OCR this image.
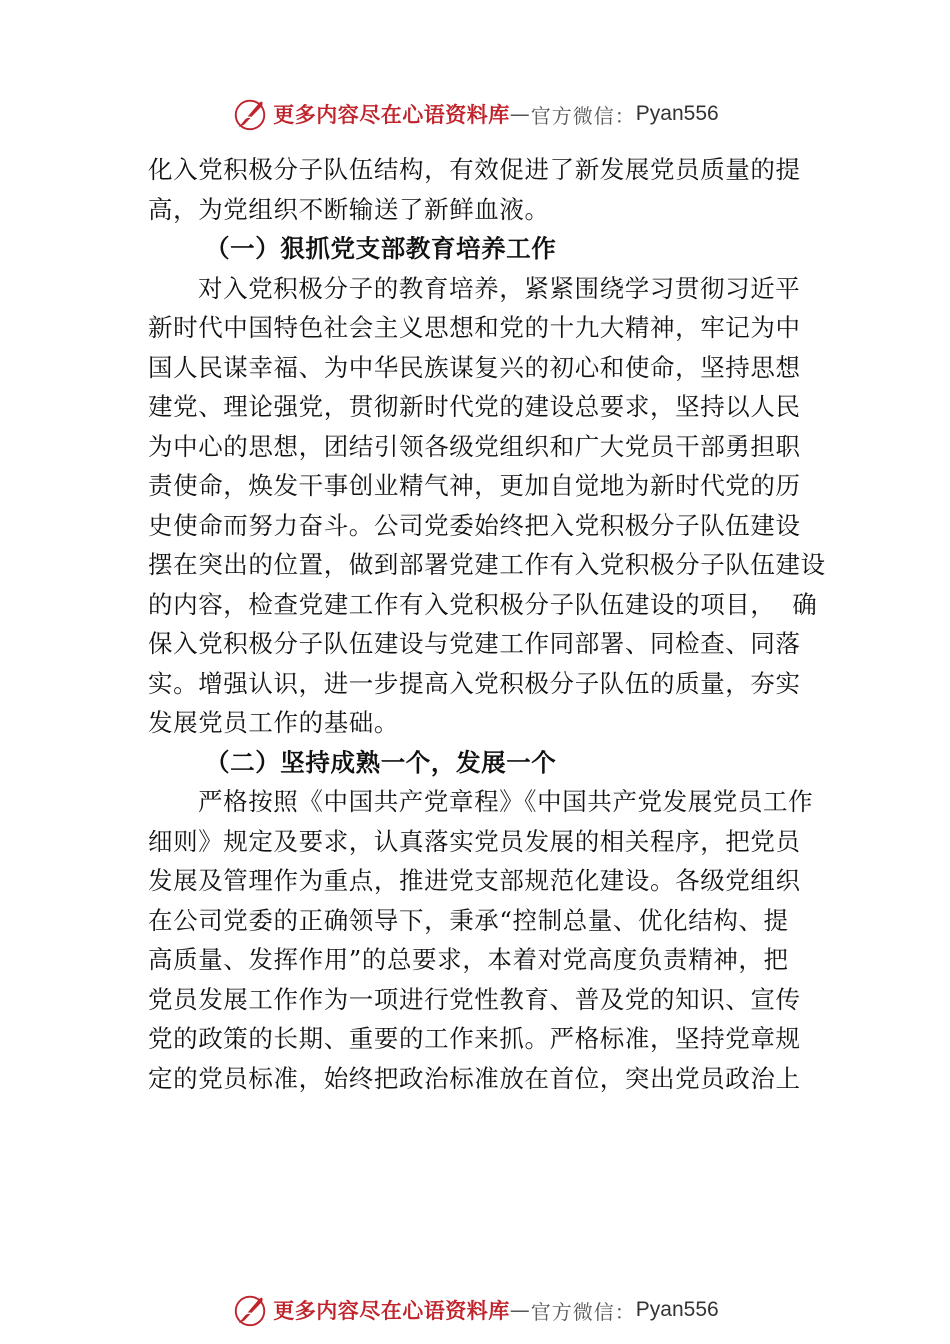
更多内容尽在心语资料库 — 官方微信： Pyan556
化入党积极分子队伍结构，有效促进了新发展党员质量的提
高，为党组织不断输送了新鲜血液。
（一）狠抓党支部教育培养工作
对入党积极分子的教育培养，紧紧围绕学习贯彻习近平
新时代中国特色社会主义思想和党的十九大精神，牢记为中
国人民谋幸福、为中华民族谋复兴的初心和使命，坚持思想
建党、理论强党，贯彻新时代党的建设总要求，坚持以人民
为中心的思想，团结引领各级党组织和广大党员干部勇担职
责使命，焕发干事创业精气神，更加自觉地为新时代党的历
史使命而努力奋斗。公司党委始终把入党积极分子队伍建设
摆在突出的位置，做到部署党建工作有入党积极分子队伍建设
的内容，检查党建工作有入党积极分子队伍建设的项目，  确
保入党积极分子队伍建设与党建工作同部署、同检查、同落
实。增强认识，进一步提高入党积极分子队伍的质量，夯实
发展党员工作的基础。
（二）坚持成熟一个，发展一个
严格按照《中国共产党章程》《中国共产党发展党员工作
细则》规定及要求，认真落实党员发展的相关程序，把党员
发展及管理作为重点，推进党支部规范化建设。各级党组织
在公司党委的正确领导下，秉承“控制总量、优化结构、提
高质量、发挥作用”的总要求，本着对党高度负责精神，把
党员发展工作作为一项进行党性教育、普及党的知识、宣传
党的政策的长期、重要的工作来抓。严格标准，坚持党章规
定的党员标准，始终把政治标准放在首位，突出党员政治上
更多内容尽在心语资料库 — 官方微信： Pyan556
